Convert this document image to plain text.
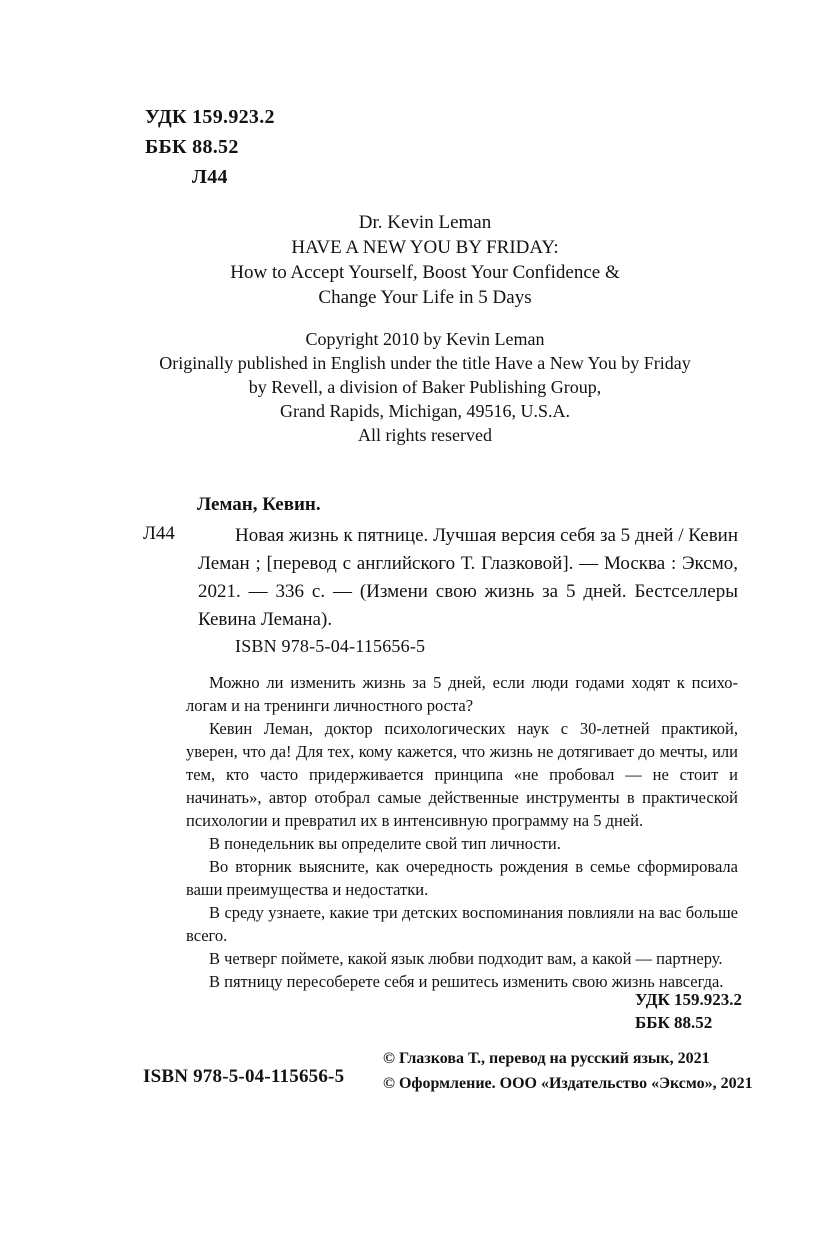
УДК 159.923.2
ББК 88.52
Л44
Dr. Kevin Leman
HAVE A NEW YOU BY FRIDAY:
How to Accept Yourself, Boost Your Confidence &
Change Your Life in 5 Days
Copyright 2010 by Kevin Leman
Originally published in English under the title Have a New You by Friday
by Revell, a division of Baker Publishing Group,
Grand Rapids, Michigan, 49516, U.S.A.
All rights reserved
Леман, Кевин.
Л44	Новая жизнь к пятнице. Лучшая версия себя за 5 дней / Кевин Леман ; [перевод с английского Т. Глазковой]. — Москва : Эксмо, 2021. — 336 с. — (Измени свою жизнь за 5 дней. Бестселлеры Кевина Лемана).

ISBN 978-5-04-115656-5

Можно ли изменить жизнь за 5 дней, если люди годами ходят к психологам и на тренинги личностного роста?

Кевин Леман, доктор психологических наук с 30-летней практикой, уверен, что да! Для тех, кому кажется, что жизнь не дотягивает до мечты, или тем, кто часто придерживается принципа «не пробовал — не стоит и начинать», автор отобрал самые действенные инструменты в практической психологии и превратил их в интенсивную программу на 5 дней.

В понедельник вы определите свой тип личности.

Во вторник выясните, как очередность рождения в семье сформировала ваши преимущества и недостатки.

В среду узнаете, какие три детских воспоминания повлияли на вас больше всего.

В четверг поймете, какой язык любви подходит вам, а какой — партнеру.

В пятницу пересоберете себя и решитесь изменить свою жизнь навсегда.

УДК 159.923.2
ББК 88.52
ISBN 978-5-04-115656-5
© Глазкова Т., перевод на русский язык, 2021
© Оформление. ООО «Издательство «Эксмо», 2021
